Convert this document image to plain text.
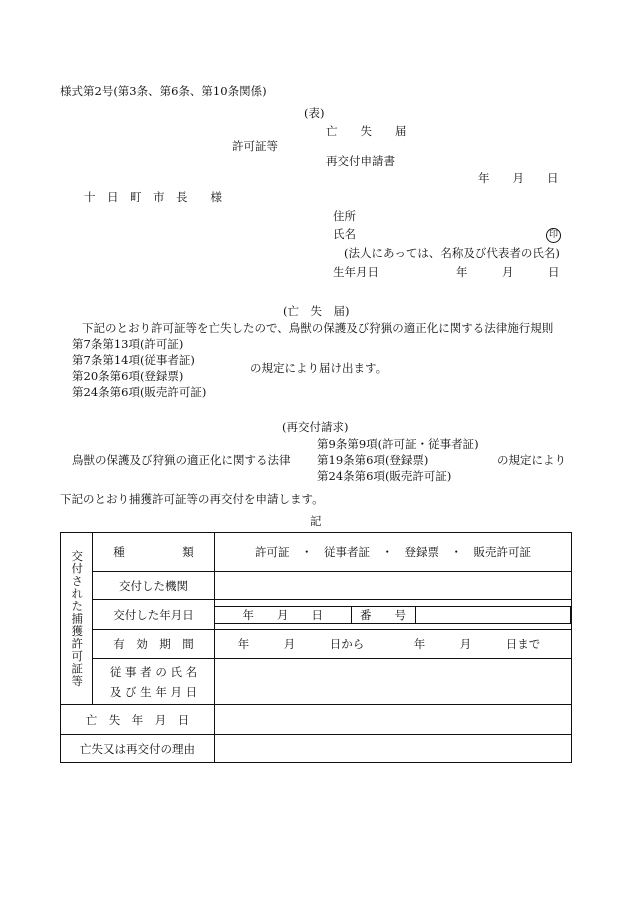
様式第2号(第3条、第6条、第10条関係)
(表)
亡　　失　　届
許可証等
再交付申請書
年　　月　　日
十　日　町　市　長　　様
住所
氏名	印
(法人にあっては、名称及び代表者の氏名)
生年月日	年　　　月　　　日
(亡　失　届)
下記のとおり許可証等を亡失したので、鳥獣の保護及び狩猟の適正化に関する法律施行規則
第7条第13項(許可証)
第7条第14項(従事者証)
第20条第6項(登録票)
第24条第6項(販売許可証)
の規定により届け出ます。
(再交付請求)
鳥獣の保護及び狩猟の適正化に関する法律
第9条第9項(許可証・従事者証)
第19条第6項(登録票)
第24条第6項(販売許可証)
の規定により
下記のとおり捕獲許可証等の再交付を申請します。
記
交付された捕獲許可証等	種　　　　　類	許可証　・　従事者証　・　登録票　・　販売許可証
交付した機関	
交付した年月日		年　　月　　日	番　　号	

有　効　期　間	年　　　月　　　日から	年　　　月　　　日まで

従 事 者 の 氏 名
及 び 生 年 月 日

亡　失　年　月　日	
亡失又は再交付の理由	
